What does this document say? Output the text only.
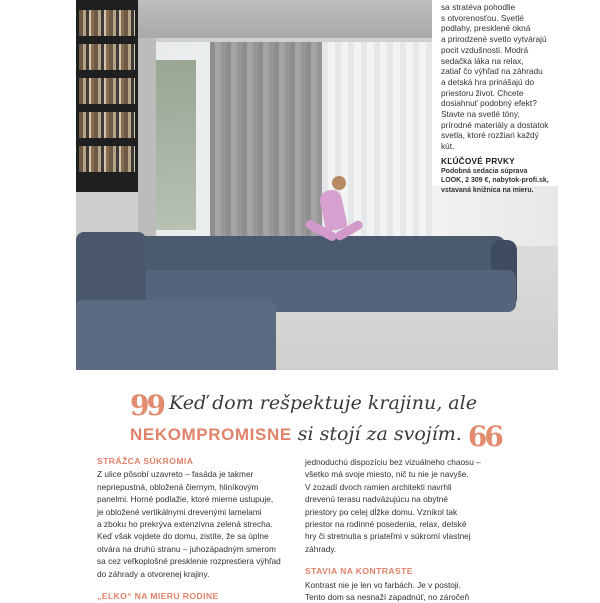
sa stratéva pohodlie
s otvorenosťou. Svetlé
podlahy, presklené okná
a prirodzené svetlo vytvárajú
pocit vzdušnosti. Modrá
sedačka láka na relax,
zatiaľ čo výhľad na záhradu
a detská hra prinášajú do
priestoru život. Chcete
dosiahnuť podobný efekt?
Stavte na svetlé tóny,
prírodné materiály a dostatok
svetla, ktoré rozžiari každý
kút.
KĽÚČOVÉ PRVKY
Podobná sedacia súprava
LOOK, 2 309 €, nabytok-profi.sk,
vstavaná knižnica na mieru.
99 Keď dom rešpektuje krajinu, ale
NEKOMPROMISNE si stojí za svojím. 66
STRÁŽCA SÚKROMIA

Z ulice pôsobí uzavreto – fasáda je takmer

nepriepustná, obložená čiernym, hliníkovým

panelmi. Horné podlažie, ktoré mierne ustupuje,

je obložené vertikálnymi drevenými lamelami

a zboku ho prekrýva extenzívna zelená strecha.

Keď však vojdete do domu, zistíte, že sa úplne

otvára na druhú stranu – juhozápadným smerom

sa cez veľkoplošné presklenie rozprestiera výhľad

do záhrady a otvorenej krajiny.

„ELKO“ NA MIERU RODINE

jednoduchú dispozíciu bez vizuálneho chaosu –

všetko má svoje miesto, nič tu nie je navyše.

V zozadí dvoch ramien architekti navrhli

drevenú terasu nadväzujúcu na obytné

priestory po celej dĺžke domu. Vznikol tak

priestor na rodinné posedenia, relax, detské

hry či stretnutia s priateľmi v súkromí vlastnej

záhrady.

STAVIA NA KONTRASTE

Kontrast nie je len vo farbách. Je v postoji.

Tento dom sa nesnaží zapadnúť, no záročeň
